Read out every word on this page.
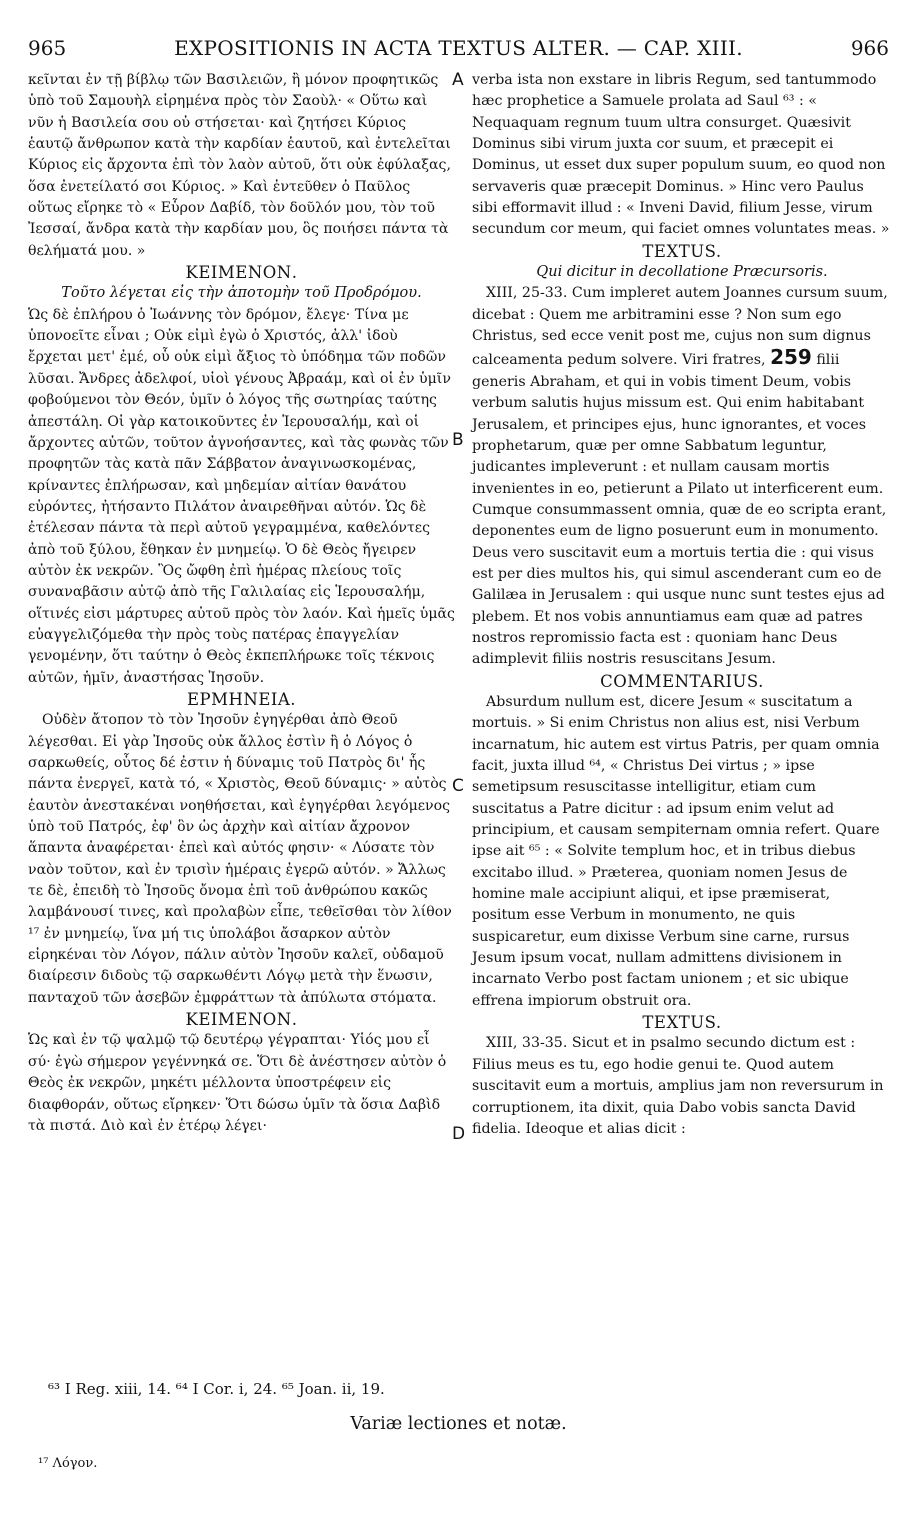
965	EXPOSITIONIS IN ACTA TEXTUS ALTER. — CAP. XIII.	966
A
B
C
D

κεῖνται ἐν τῇ βίβλῳ τῶν Βασιλειῶν, ἢ μόνον προφητικῶς ὑπὸ τοῦ Σαμουὴλ εἰρημένα πρὸς τὸν Σαοὺλ· « Οὕτω καὶ νῦν ἡ Βασιλεία σου οὐ στήσεται· καὶ ζητήσει Κύριος ἑαυτῷ ἄνθρωπον κατὰ τὴν καρδίαν ἑαυτοῦ, καὶ ἐντελεῖται Κύριος εἰς ἄρχοντα ἐπὶ τὸν λαὸν αὐτοῦ, ὅτι οὐκ ἐφύλαξας, ὅσα ἐνετείλατό σοι Κύριος. » Καὶ ἐντεῦθεν ὁ Παῦλος οὕτως εἴρηκε τὸ « Εὗρον Δαβίδ, τὸν δοῦλόν μου, τὸν τοῦ Ἰεσσαί, ἄνδρα κατὰ τὴν καρδίαν μου, ὃς ποιήσει πάντα τὰ θελήματά μου. »

ΚΕΙΜΕΝΟΝ.

Τοῦτο λέγεται εἰς τὴν ἀποτομὴν τοῦ Προδρόμου.

Ὡς δὲ ἐπλήρου ὁ Ἰωάννης τὸν δρόμον, ἔλεγε· Τίνα με ὑπονοεῖτε εἶναι ; Οὐκ εἰμὶ ἐγὼ ὁ Χριστός, ἀλλ' ἰδοὺ ἔρχεται μετ' ἐμέ, οὗ οὐκ εἰμὶ ἄξιος τὸ ὑπόδημα τῶν ποδῶν λῦσαι. Ἄνδρες ἀδελφοί, υἱοὶ γένους Ἀβραάμ, καὶ οἱ ἐν ὑμῖν φοβούμενοι τὸν Θεόν, ὑμῖν ὁ λόγος τῆς σωτηρίας ταύτης ἀπεστάλη. Οἱ γὰρ κατοικοῦντες ἐν Ἱερουσαλήμ, καὶ οἱ ἄρχοντες αὐτῶν, τοῦτον ἀγνοήσαντες, καὶ τὰς φωνὰς τῶν προφητῶν τὰς κατὰ πᾶν Σάββατον ἀναγινωσκομένας, κρίναντες ἐπλήρωσαν, καὶ μηδεμίαν αἰτίαν θανάτου εὑρόντες, ἠτήσαντο Πιλάτον ἀναιρεθῆναι αὐτόν. Ὡς δὲ ἐτέλεσαν πάντα τὰ περὶ αὐτοῦ γεγραμμένα, καθελόντες ἀπὸ τοῦ ξύλου, ἔθηκαν ἐν μνημείῳ. Ὁ δὲ Θεὸς ἤγειρεν αὐτὸν ἐκ νεκρῶν. Ὃς ὤφθη ἐπὶ ἡμέρας πλείους τοῖς συναναβᾶσιν αὐτῷ ἀπὸ τῆς Γαλιλαίας εἰς Ἱερουσαλήμ, οἵτινές εἰσι μάρτυρες αὐτοῦ πρὸς τὸν λαόν. Καὶ ἡμεῖς ὑμᾶς εὐαγγελιζόμεθα τὴν πρὸς τοὺς πατέρας ἐπαγγελίαν γενομένην, ὅτι ταύτην ὁ Θεὸς ἐκπεπλήρωκε τοῖς τέκνοις αὐτῶν, ἡμῖν, ἀναστήσας Ἰησοῦν.

ΕΡΜΗΝΕΙΑ.

Οὐδὲν ἄτοπον τὸ τὸν Ἰησοῦν ἐγηγέρθαι ἀπὸ Θεοῦ λέγεσθαι. Εἰ γὰρ Ἰησοῦς οὐκ ἄλλος ἐστὶν ἢ ὁ Λόγος ὁ σαρκωθείς, οὗτος δέ ἐστιν ἡ δύναμις τοῦ Πατρὸς δι' ἧς πάντα ἐνεργεῖ, κατὰ τό, « Χριστὸς, Θεοῦ δύναμις· » αὐτὸς ἑαυτὸν ἀνεστακέναι νοηθήσεται, καὶ ἐγηγέρθαι λεγόμενος ὑπὸ τοῦ Πατρός, ἐφ' ὃν ὡς ἀρχὴν καὶ αἰτίαν ἄχρονον ἅπαντα ἀναφέρεται· ἐπεὶ καὶ αὐτός φησιν· « Λύσατε τὸν ναὸν τοῦτον, καὶ ἐν τρισὶν ἡμέραις ἐγερῶ αὐτόν. » Ἄλλως τε δὲ, ἐπειδὴ τὸ Ἰησοῦς ὄνομα ἐπὶ τοῦ ἀνθρώπου κακῶς λαμβάνουσί τινες, καὶ προλαβὼν εἶπε, τεθεῖσθαι τὸν λίθον ¹⁷ ἐν μνημείῳ, ἵνα μή τις ὑπολάβοι ἄσαρκον αὐτὸν εἰρηκέναι τὸν Λόγον, πάλιν αὐτὸν Ἰησοῦν καλεῖ, οὐδαμοῦ διαίρεσιν διδοὺς τῷ σαρκωθέντι Λόγῳ μετὰ τὴν ἕνωσιν, πανταχοῦ τῶν ἀσεβῶν ἐμφράττων τὰ ἀπύλωτα στόματα.

ΚΕΙΜΕΝΟΝ.

Ὡς καὶ ἐν τῷ ψαλμῷ τῷ δευτέρῳ γέγραπται· Υἱός μου εἶ σύ· ἐγὼ σήμερον γεγέννηκά σε. Ὅτι δὲ ἀνέστησεν αὐτὸν ὁ Θεὸς ἐκ νεκρῶν, μηκέτι μέλλοντα ὑποστρέφειν εἰς διαφθοράν, οὕτως εἴρηκεν· Ὅτι δώσω ὑμῖν τὰ ὅσια Δαβὶδ τὰ πιστά. Διὸ καὶ ἐν ἑτέρῳ λέγει·

verba ista non exstare in libris Regum, sed tantummodo hæc prophetice a Samuele prolata ad Saul ⁶³ : « Nequaquam regnum tuum ultra consurget. Quæsivit Dominus sibi virum juxta cor suum, et præcepit ei Dominus, ut esset dux super populum suum, eo quod non servaveris quæ præcepit Dominus. » Hinc vero Paulus sibi efformavit illud : « Inveni David, filium Jesse, virum secundum cor meum, qui faciet omnes voluntates meas. »

TEXTUS.

Qui dicitur in decollatione Præcursoris.

XIII, 25-33. Cum impleret autem Joannes cursum suum, dicebat : Quem me arbitramini esse ? Non sum ego Christus, sed ecce venit post me, cujus non sum dignus calceamenta pedum solvere. Viri fratres, 259 filii generis Abraham, et qui in vobis timent Deum, vobis verbum salutis hujus missum est. Qui enim habitabant Jerusalem, et principes ejus, hunc ignorantes, et voces prophetarum, quæ per omne Sabbatum leguntur, judicantes impleverunt : et nullam causam mortis invenientes in eo, petierunt a Pilato ut interficerent eum. Cumque consummassent omnia, quæ de eo scripta erant, deponentes eum de ligno posuerunt eum in monumento. Deus vero suscitavit eum a mortuis tertia die : qui visus est per dies multos his, qui simul ascenderant cum eo de Galilæa in Jerusalem : qui usque nunc sunt testes ejus ad plebem. Et nos vobis annuntiamus eam quæ ad patres nostros repromissio facta est : quoniam hanc Deus adimplevit filiis nostris resuscitans Jesum.

COMMENTARIUS.

Absurdum nullum est, dicere Jesum « suscitatum a mortuis. » Si enim Christus non alius est, nisi Verbum incarnatum, hic autem est virtus Patris, per quam omnia facit, juxta illud ⁶⁴, « Christus Dei virtus ; » ipse semetipsum resuscitasse intelligitur, etiam cum suscitatus a Patre dicitur : ad ipsum enim velut ad principium, et causam sempiternam omnia refert. Quare ipse ait ⁶⁵ : « Solvite templum hoc, et in tribus diebus excitabo illud. » Præterea, quoniam nomen Jesus de homine male accipiunt aliqui, et ipse præmiserat, positum esse Verbum in monumento, ne quis suspicaretur, eum dixisse Verbum sine carne, rursus Jesum ipsum vocat, nullam admittens divisionem in incarnato Verbo post factam unionem ; et sic ubique effrena impiorum obstruit ora.

TEXTUS.

XIII, 33-35. Sicut et in psalmo secundo dictum est : Filius meus es tu, ego hodie genui te. Quod autem suscitavit eum a mortuis, amplius jam non reversurum in corruptionem, ita dixit, quia Dabo vobis sancta David fidelia. Ideoque et alias dicit :

⁶³ I Reg. xiii, 14. ⁶⁴ I Cor. i, 24. ⁶⁵ Joan. ii, 19.
Variæ lectiones et notæ.
¹⁷ Λόγον.
